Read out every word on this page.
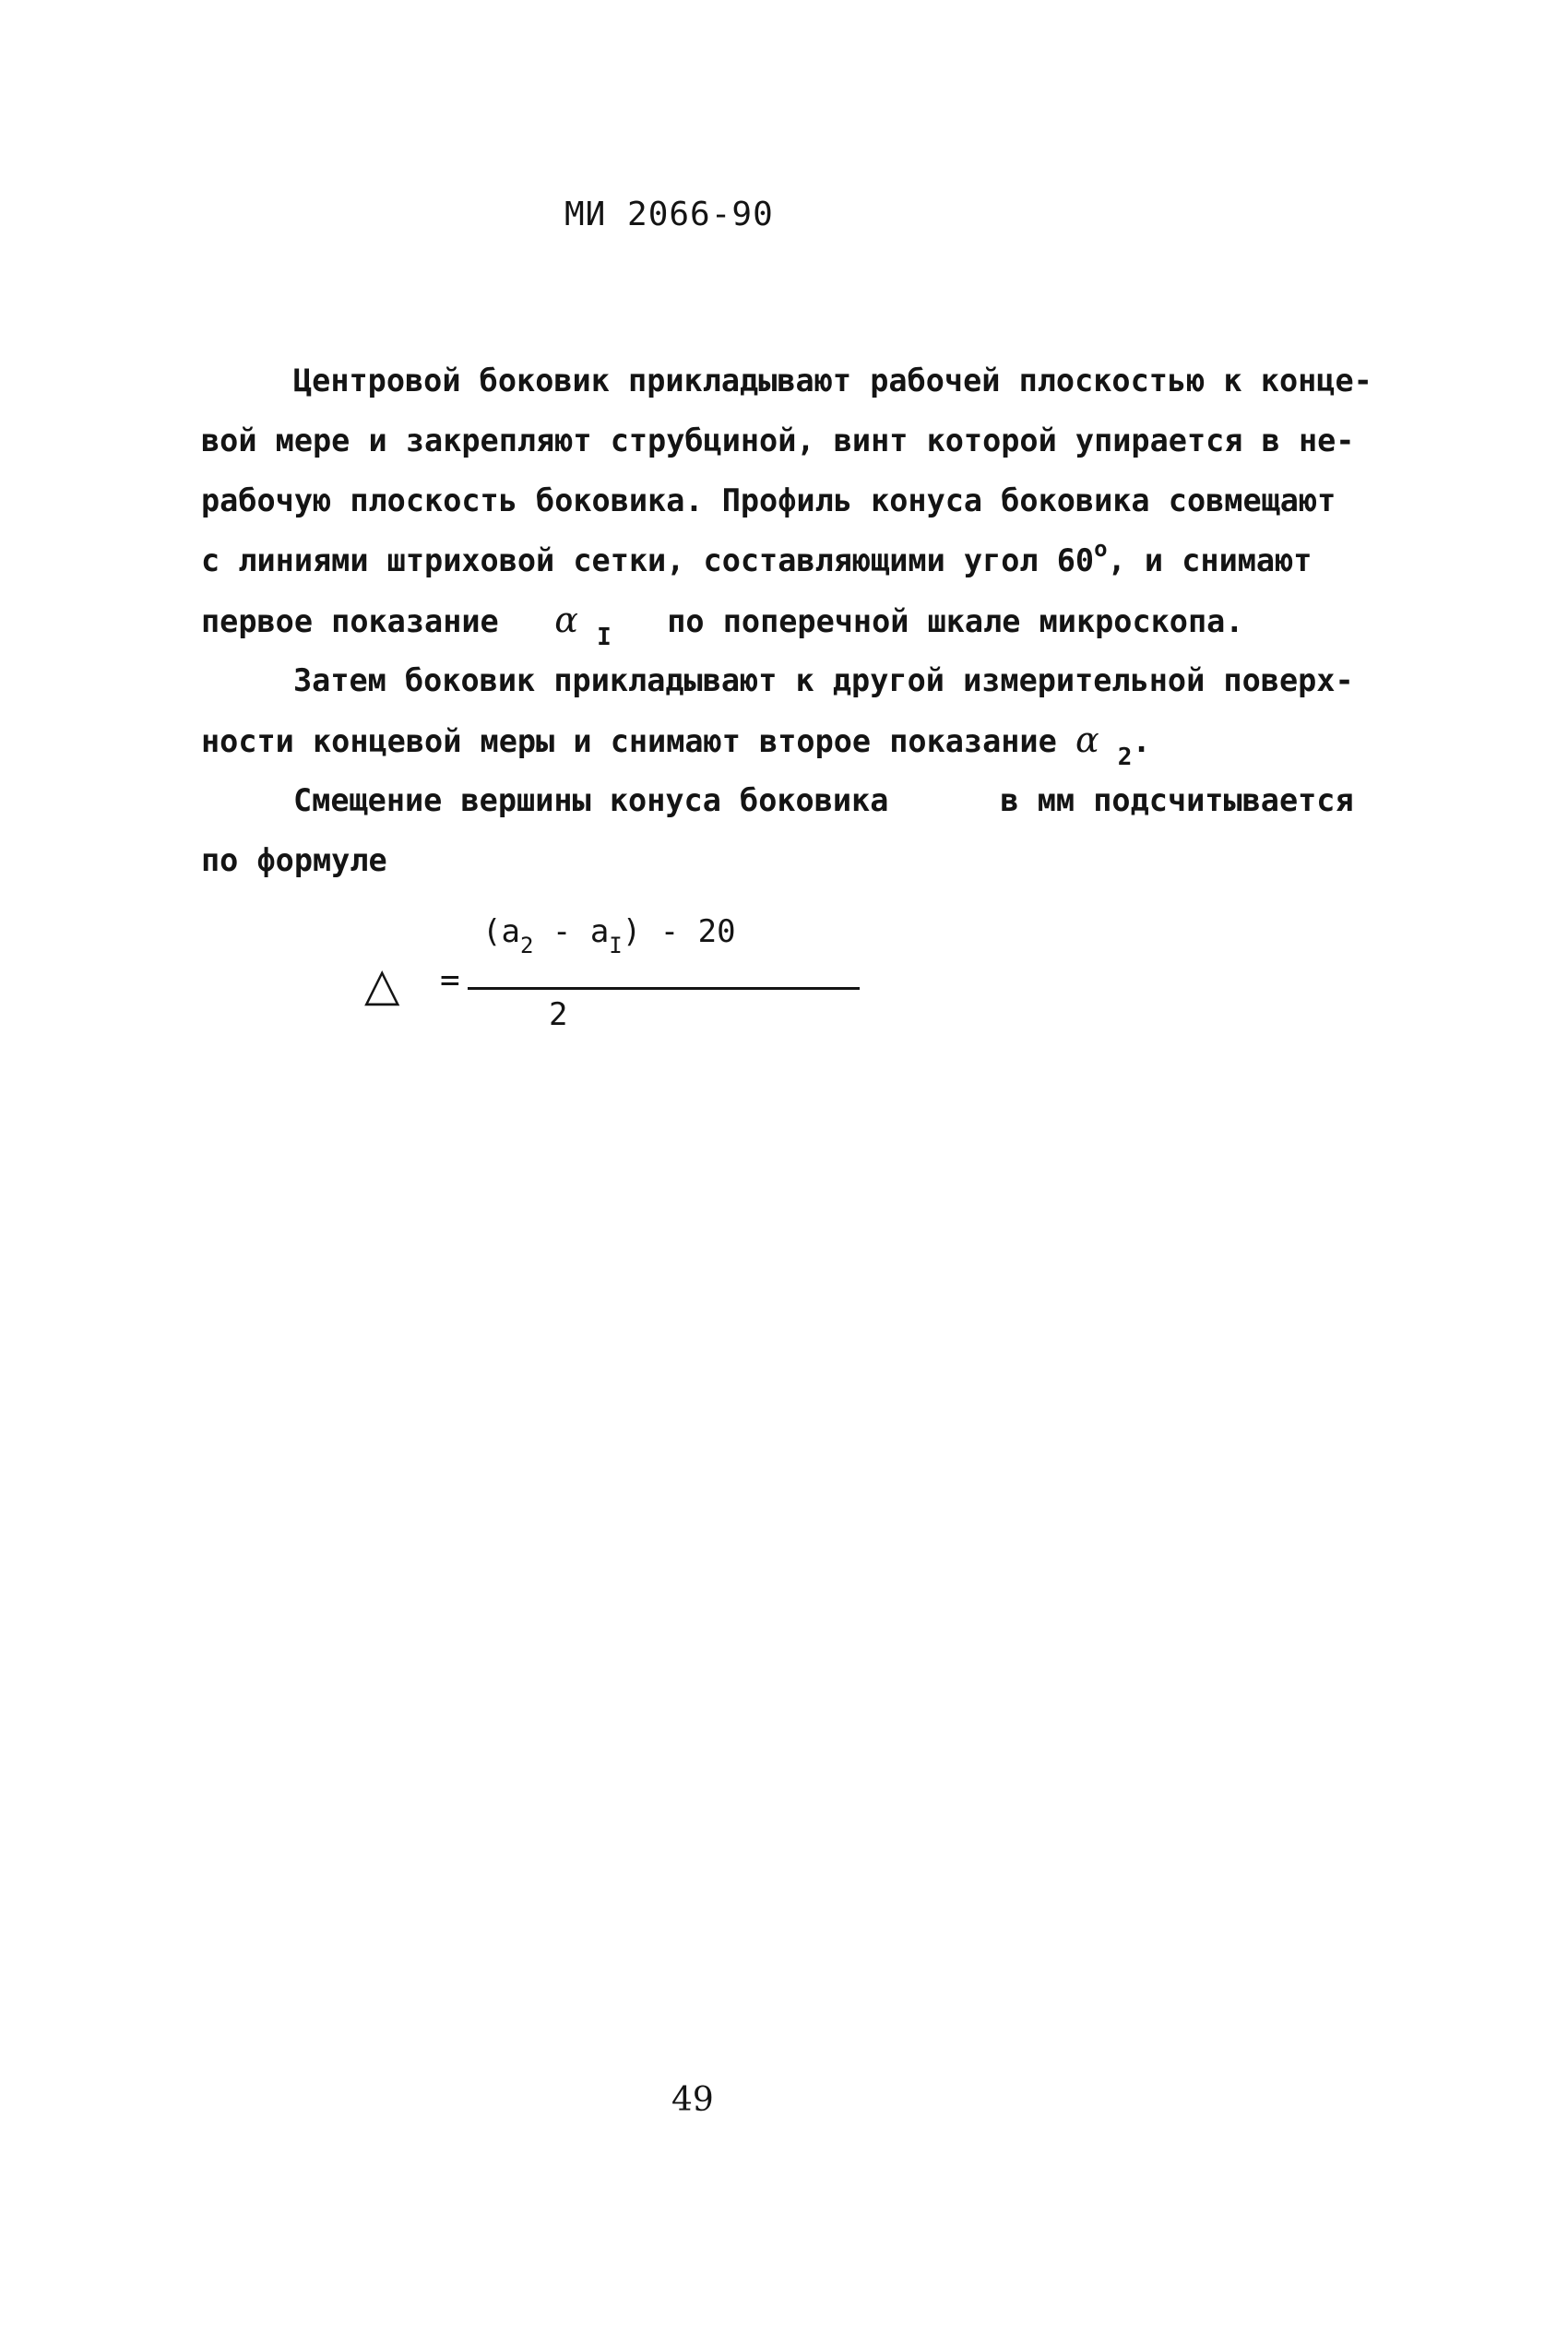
МИ 2066-90
Центровой боковик прикладывают рабочей плоскостью к конце-
вой мере и закрепляют струбциной, винт которой упирается в не-
рабочую плоскость боковика. Профиль конуса боковика совмещают
с линиями штриховой сетки, составляющими угол $60^о$, и снимают
первое показание α $_I$ по поперечной шкале микроскопа.
Затем боковик прикладывают к другой измерительной поверх-
ности концевой меры и снимают второе показание α $_2$.
Смещение вершины конуса боковика	в мм подсчитывается
по формуле
△ =
$(a_2 - a_I) - 20$
2
49
